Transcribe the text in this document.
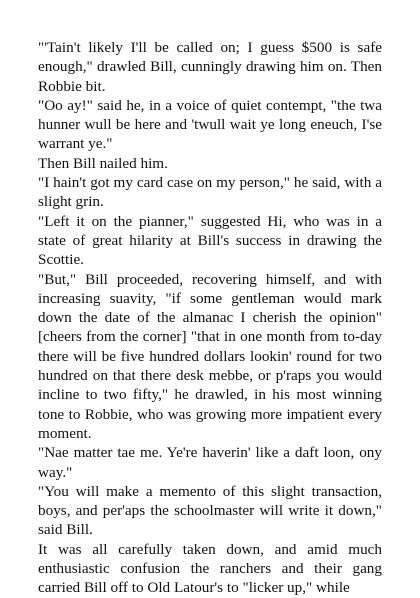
"'Tain't likely I'll be called on; I guess $500 is safe enough," drawled Bill, cunningly drawing him on. Then Robbie bit.

"Oo ay!" said he, in a voice of quiet contempt, "the twa hunner wull be here and 'twull wait ye long eneuch, I'se warrant ye."

Then Bill nailed him.

"I hain't got my card case on my person," he said, with a slight grin.

"Left it on the pianner," suggested Hi, who was in a state of great hilarity at Bill's success in drawing the Scottie.

"But," Bill proceeded, recovering himself, and with increasing suavity, "if some gentleman would mark down the date of the almanac I cherish the opinion" [cheers from the corner] "that in one month from to-day there will be five hundred dollars lookin' round for two hundred on that there desk mebbe, or p'raps you would incline to two fifty," he drawled, in his most winning tone to Robbie, who was growing more impatient every moment.

"Nae matter tae me. Ye're haverin' like a daft loon, ony way."

"You will make a memento of this slight transaction, boys, and per'aps the schoolmaster will write it down," said Bill.

It was all carefully taken down, and amid much enthusiastic confusion the ranchers and their gang carried Bill off to Old Latour's to "licker up," while
